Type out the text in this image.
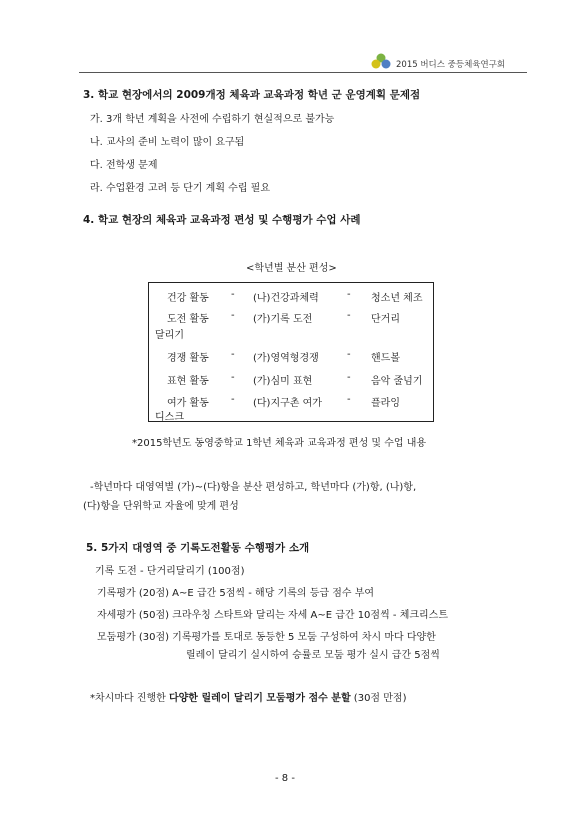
2015 버디스 중등체육연구회
3. 학교 현장에서의 2009개정 체육과 교육과정 학년 군 운영계획 문제점
가. 3개 학년 계획을 사전에 수립하기 현실적으로 불가능
나. 교사의 준비 노력이 많이 요구됨
다. 전학생 문제
라. 수업환경 고려 등 단기 계획 수립 필요
4. 학교 현장의 체육과 교육과정 편성 및 수행평가 수업 사례
<학년별 분산 편성>
건강 활동 - (나)건강과체력	- 청소년 체조
도전 활동 - (가)기록 도전	- 단거리
달리기
경쟁 활동 - (가)영역형경쟁	- 핸드볼
표현 활동 - (가)심미 표현	- 음악 줄넘기
여가 활동 - (다)지구촌 여가	- 플라잉
디스크
*2015학년도 동영중학교 1학년 체육과 교육과정 편성 및 수업 내용
-학년마다 대영역별 (가)~(다)항을 분산 편성하고, 학년마다 (가)항, (나)항,
(다)항을 단위학교 자율에 맞게 편성
5. 5가지 대영역 중 기록도전활동 수행평가 소개
기록 도전 - 단거리달리기 (100점)
기록평가 (20점) A~E 급간 5점씩 - 해당 기록의 등급 점수 부여
자세평가 (50점) 크라우칭 스타트와 달리는 자세 A~E 급간 10점씩 - 체크리스트
모둠평가 (30점) 기록평가를 토대로 동등한 5 모둠 구성하여 차시 마다 다양한
릴레이 달리기 실시하여 승률로 모둠 평가 실시 급간 5점씩
*차시마다 진행한 다양한 릴레이 달리기 모둠평가 점수 분할 (30점 만점)
- 8 -
